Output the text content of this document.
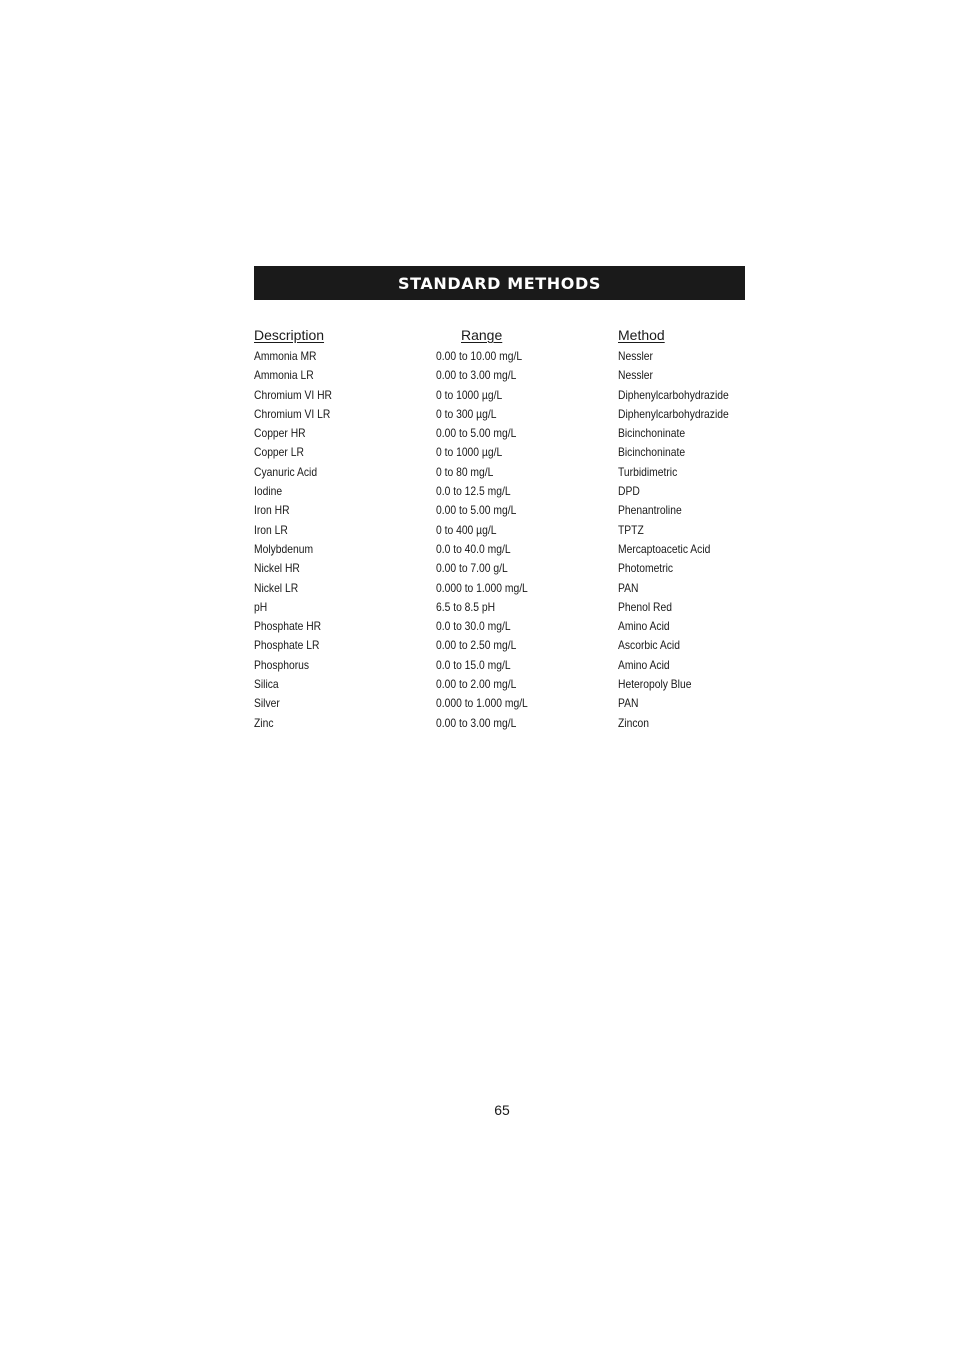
STANDARD METHODS
Description	Range	Method
Ammonia MR	0.00 to 10.00 mg/L	Nessler
Ammonia LR	0.00 to 3.00 mg/L	Nessler
Chromium VI HR	0 to 1000 µg/L	Diphenylcarbohydrazide
Chromium VI LR	0 to 300 µg/L	Diphenylcarbohydrazide
Copper HR	0.00 to 5.00 mg/L	Bicinchoninate
Copper LR	0 to 1000 µg/L	Bicinchoninate
Cyanuric Acid	0 to 80 mg/L	Turbidimetric
Iodine	0.0 to 12.5 mg/L	DPD
Iron HR	0.00 to 5.00 mg/L	Phenantroline
Iron LR	0 to 400 µg/L	TPTZ
Molybdenum	0.0 to 40.0 mg/L	Mercaptoacetic Acid
Nickel HR	0.00 to 7.00 g/L	Photometric
Nickel LR	0.000 to 1.000 mg/L	PAN
pH	6.5 to 8.5 pH	Phenol Red
Phosphate HR	0.0 to 30.0 mg/L	Amino Acid
Phosphate LR	0.00 to 2.50 mg/L	Ascorbic Acid
Phosphorus	0.0 to 15.0 mg/L	Amino Acid
Silica	0.00 to 2.00 mg/L	Heteropoly Blue
Silver	0.000 to 1.000 mg/L	PAN
Zinc	0.00 to 3.00 mg/L	Zincon
65
